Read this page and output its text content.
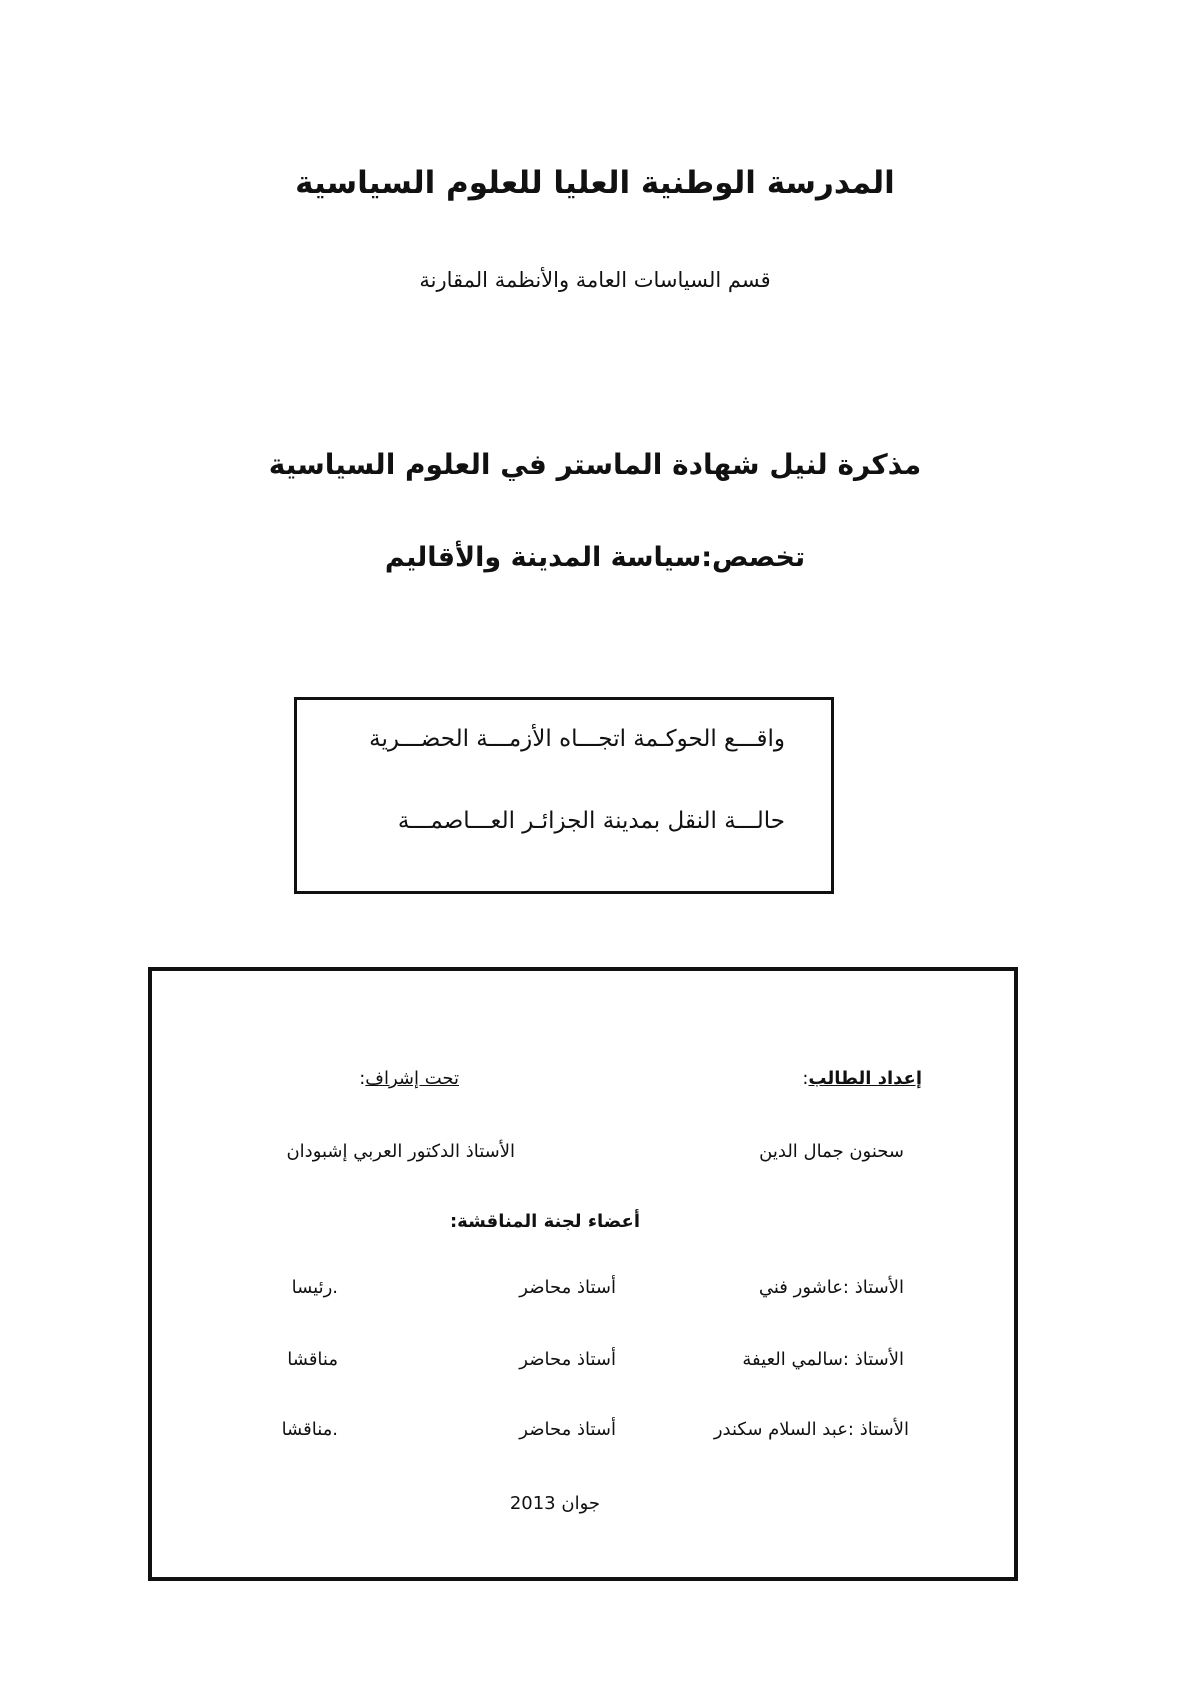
المدرسة الوطنية العليا للعلوم السياسية
قسم السياسات العامة والأنظمة المقارنة
مذكرة لنيل شهادة الماستر في العلوم السياسية
تخصص:سياسة المدينة والأقاليم
واقـــع الحوكـمة اتجـــاه الأزمـــة الحضـــرية
حالـــة النقل بمدينة الجزائـر العـــاصمـــة
إعداد الطالب:
تحت إشراف:
سحنون جمال الدين
الأستاذ الدكتور العربي إشبودان
أعضاء لجنة المناقشة:
الأستاذ :عاشور فني
أستاذ محاضر
.رئيسا
الأستاذ :سالمي العيفة
أستاذ محاضر
مناقشا
الأستاذ :عبد السلام سكندر
أستاذ محاضر
.مناقشا
جوان 2013
